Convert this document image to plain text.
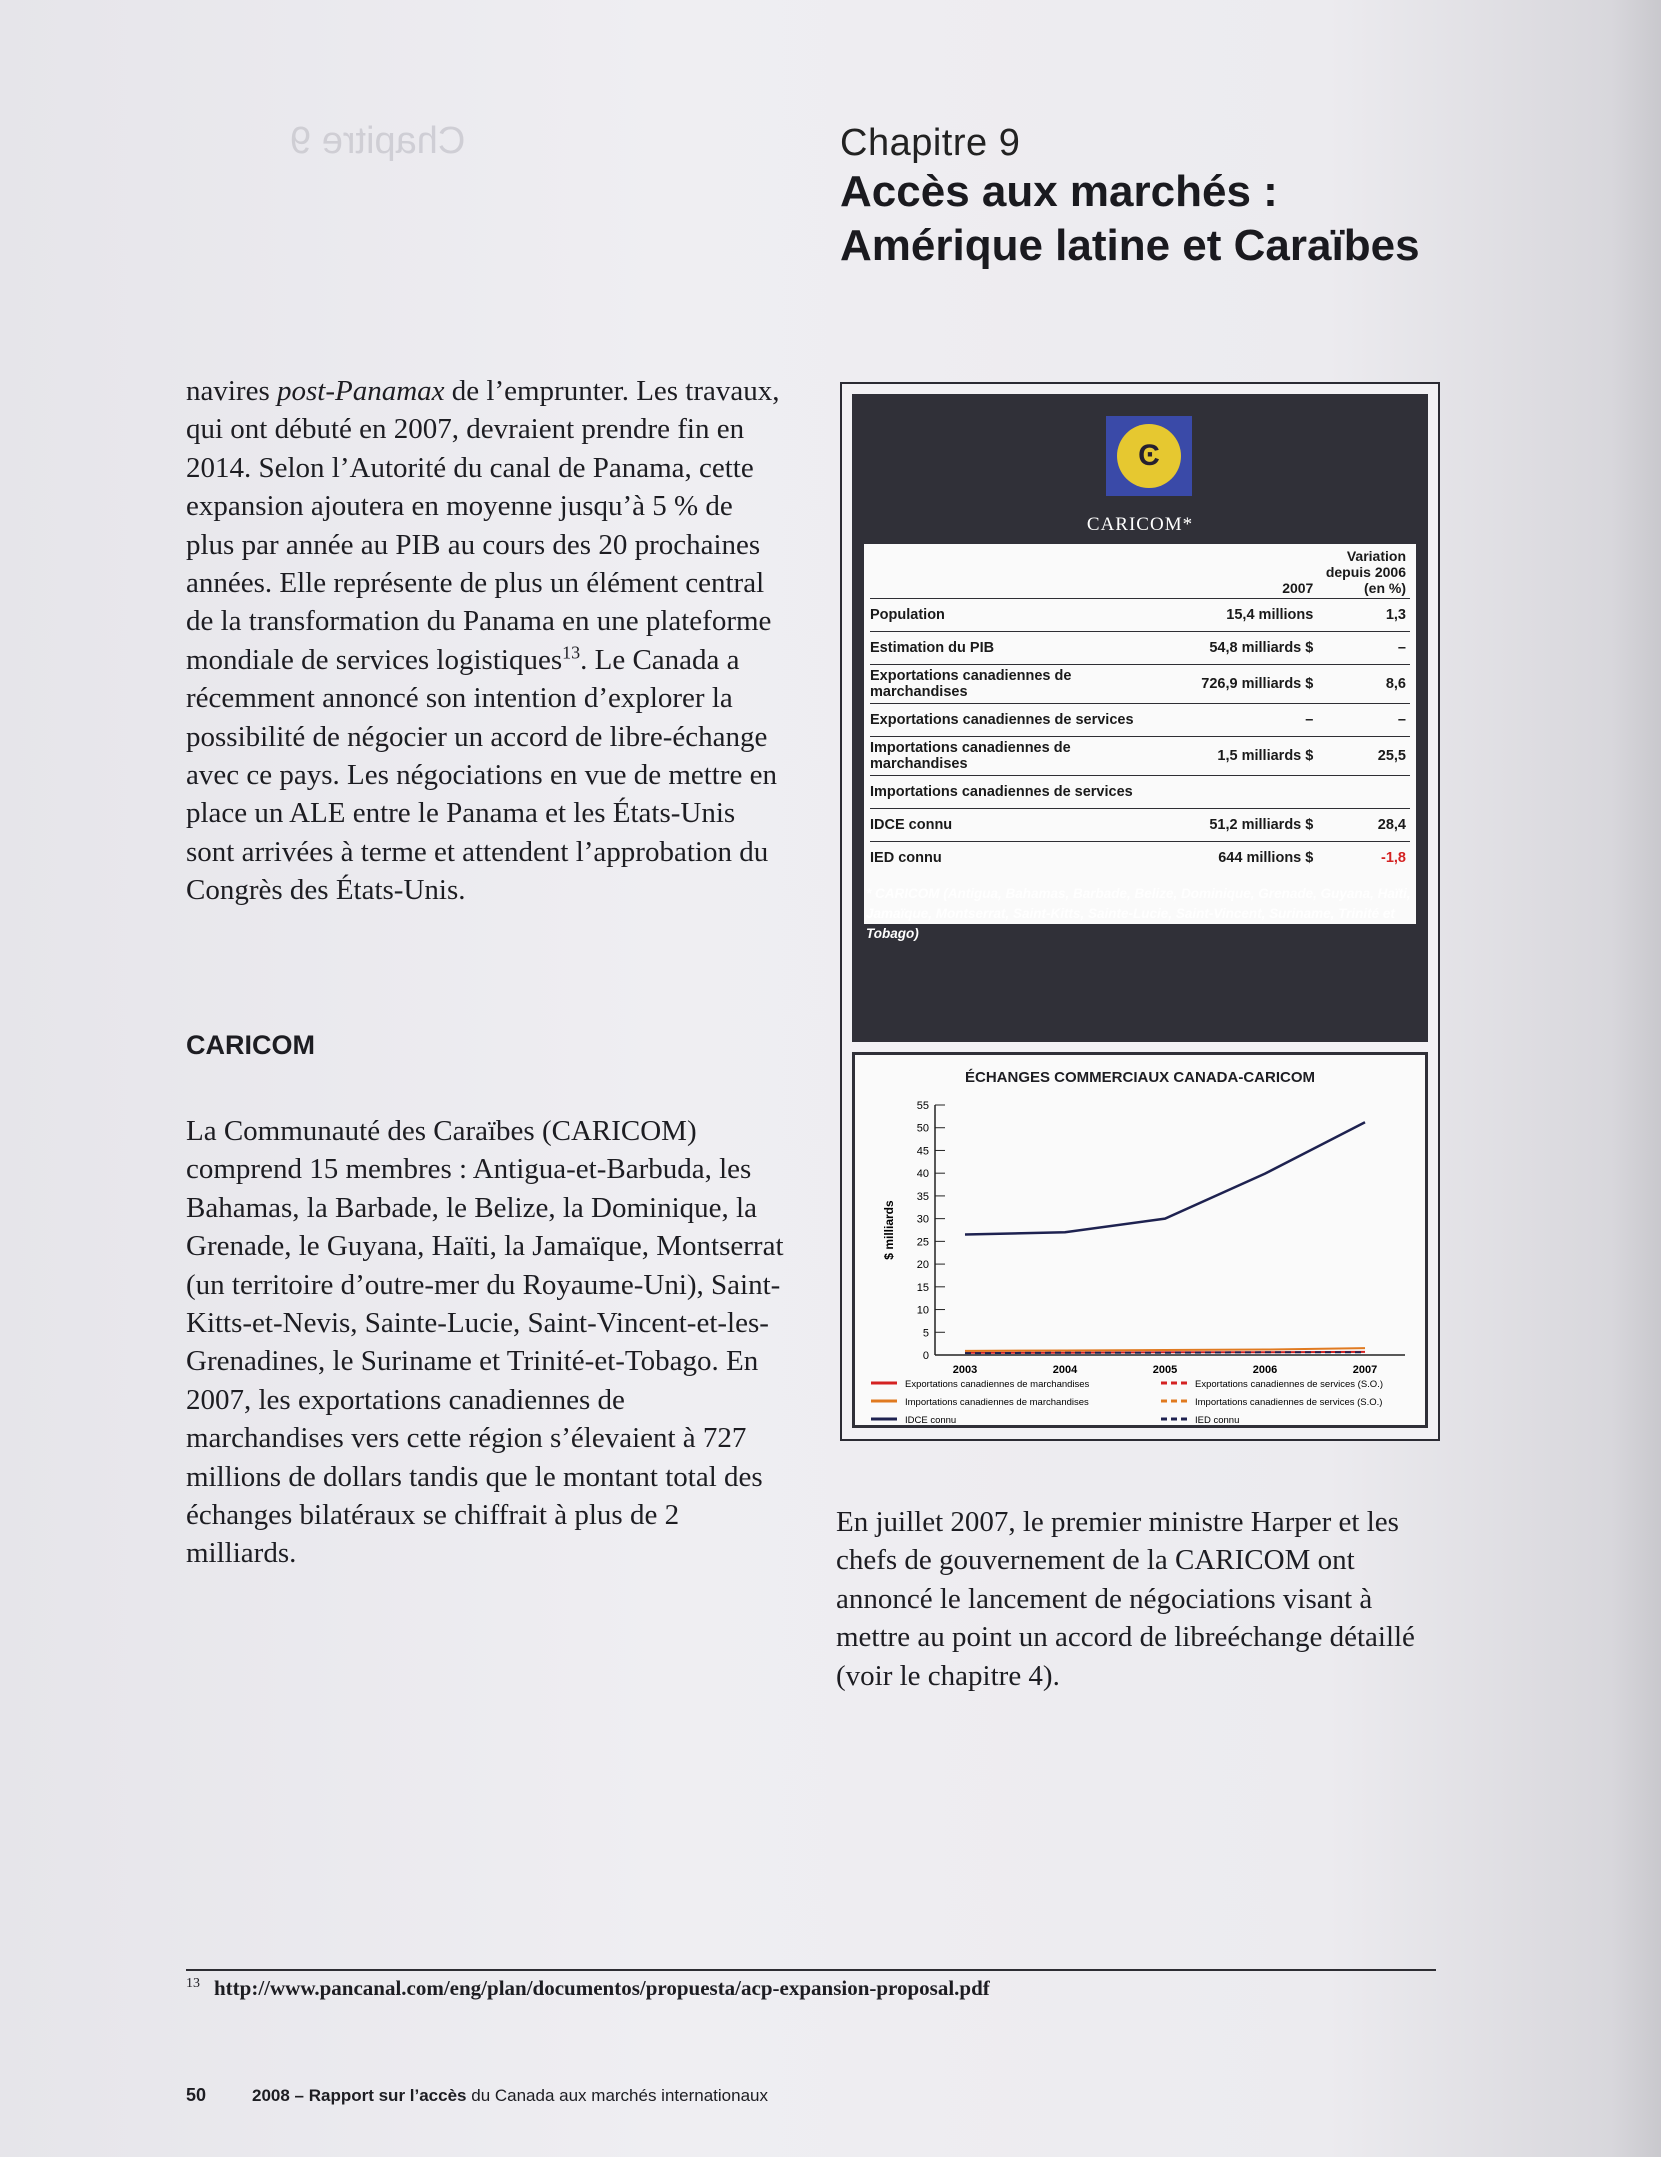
Chapitre 9	Chapitre 9
Accès aux marchés :
Amérique latine et Caraïbes

navires post-Panamax de l’emprunter. Les travaux, qui ont débuté en 2007, devraient prendre fin en 2014. Selon l’Autorité du canal de Panama, cette expansion ajoutera en moyenne jusqu’à 5 % de plus par année au PIB au cours des 20 prochaines années. Elle représente de plus un élément central de la transformation du Panama en une plateforme mondiale de services logistiques$^{13}$. Le Canada a récemment annoncé son intention d’explorer la possibilité de négocier un accord de libre-échange avec ce pays. Les négociations en vue de mettre en place un ALE entre le Panama et les États-Unis sont arrivées à terme et attendent l’approbation du Congrès des États-Unis.

CARICOM

La Communauté des Caraïbes (CARICOM) comprend 15 membres : Antigua-et-Barbuda, les Bahamas, la Barbade, le Belize, la Dominique, la Grenade, le Guyana, Haïti, la Jamaïque, Montserrat (un territoire d’outre-mer du Royaume-Uni), Saint-Kitts-et-Nevis, Sainte-Lucie, Saint-Vincent-et-les-Grenadines, le Suriname et Trinité-et-Tobago. En 2007, les exportations canadiennes de marchandises vers cette région s’élevaient à 727 millions de dollars tandis que le montant total des échanges bilatéraux se chiffrait à plus de 2 milliards.

Ͼ
CARICOM*
	2007	Variation depuis 2006 (en %)
Population	15,4 millions	1,3
Estimation du PIB	54,8 milliards $	–
Exportations canadiennes de marchandises	726,9 milliards $	8,6
Exportations canadiennes de services	–	–
Importations canadiennes de marchandises	1,5 milliards $	25,5
Importations canadiennes de services		
IDCE connu	51,2 milliards $	28,4
IED connu	644 millions $	-1,8
* CARICOM (Antigua, Bahamas, Barbade, Belize, Dominique, Grenade, Guyana, Haïti, Jamaïque, Montserrat, Saint-Kitts, Sainte-Lucie, Saint-Vincent, Suriname, Trinité et Tobago)
ÉCHANGES COMMERCIAUX CANADA-CARICOM
0
5
10
15
20
25
30
35
40
45
50
55
2003	2004	2005	2006	2007
$ milliards
Exportations canadiennes de marchandises	Exportations canadiennes de services (S.O.)
Importations canadiennes de marchandises	Importations canadiennes de services (S.O.)
IDCE connu	IED connu

En juillet 2007, le premier ministre Harper et les chefs de gouvernement de la CARICOM ont annoncé le lancement de négociations visant à mettre au point un accord de libreéchange détaillé (voir le chapitre 4).

$^{13}$ http://www.pancanal.com/eng/plan/documentos/propuesta/acp-expansion-proposal.pdf
50	2008 – Rapport sur l’accès du Canada aux marchés internationaux
